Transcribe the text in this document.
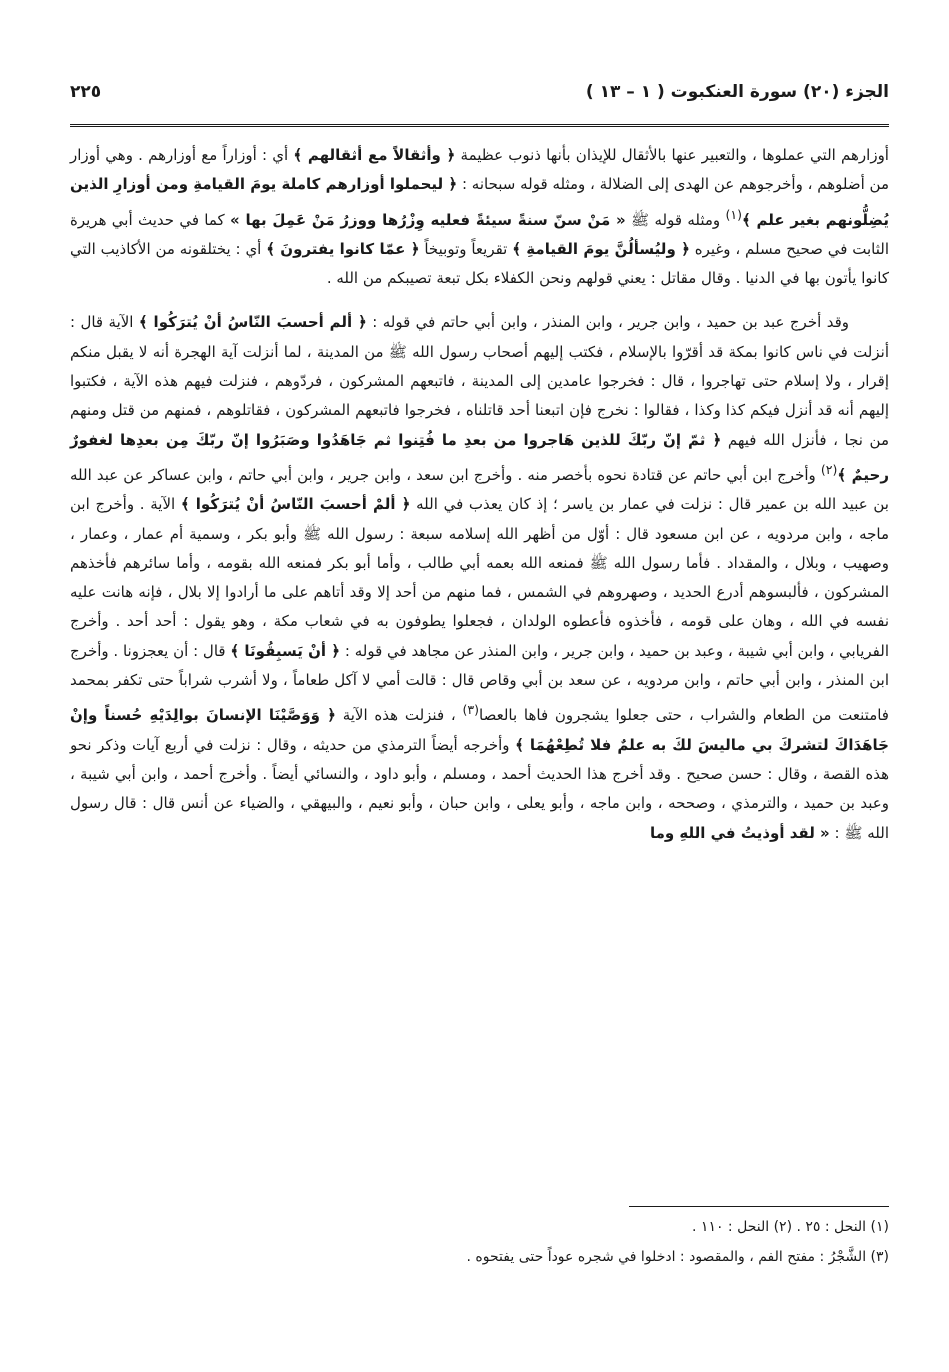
الجزء (٢٠) سورة العنكبوت ( ١ – ١٣ )
٢٢٥

أوزارهم التي عملوها ، والتعبير عنها بالأثقال للإيذان بأنها ذنوب عظيمة ﴿ وأثقالاً مع أثقالهم ﴾ أي : أوزاراً مع أوزارهم . وهي أوزار من أضلوهم ، وأخرجوهم عن الهدى إلى الضلالة ، ومثله قوله سبحانه : ﴿ ليحملوا أوزارهم كاملة يومَ القيامةِ ومن أوزارِ الذين يُضِلُّونهم بغير علم ﴾$^{(١)}$ ومثله قوله ﷺ « مَنْ سنّ سنةً سيئةً فعليه وِزْرُها ووزرُ مَنْ عَمِلَ بها » كما في حديث أبي هريرة الثابت في صحيح مسلم ، وغيره ﴿ وليُسألُنَّ يومَ القيامةِ ﴾ تقريعاً وتوبيخاً ﴿ عمّا كانوا يفترونَ ﴾ أي : يختلقونه من الأكاذيب التي كانوا يأتون بها في الدنيا . وقال مقاتل : يعني قولهم ونحن الكفلاء بكل تبعة تصيبكم من الله .

وقد أخرج عبد بن حميد ، وابن جرير ، وابن المنذر ، وابن أبي حاتم في قوله : ﴿ ألم أحسبَ النّاسُ أنْ يُترَكُوا ﴾ الآية قال : أنزلت في ناس كانوا بمكة قد أقرّوا بالإسلام ، فكتب إليهم أصحاب رسول الله ﷺ من المدينة ، لما أنزلت آية الهجرة أنه لا يقبل منكم إقرار ، ولا إسلام حتى تهاجروا ، قال : فخرجوا عامدين إلى المدينة ، فاتبعهم المشركون ، فردّوهم ، فنزلت فيهم هذه الآية ، فكتبوا إليهم أنه قد أنزل فيكم كذا وكذا ، فقالوا : نخرج فإن اتبعنا أحد قاتلناه ، فخرجوا فاتبعهم المشركون ، فقاتلوهم ، فمنهم من قتل ومنهم من نجا ، فأنزل الله فيهم ﴿ ثمّ إنّ ربّكَ للذين هَاجروا من بعدِ ما فُتِنوا ثم جَاهَدُوا وصَبَرُوا إنّ ربّكَ مِن بعدِها لغفورٌ رحيمٌ ﴾$^{(٢)}$ وأخرج ابن أبي حاتم عن قتادة نحوه بأخصر منه . وأخرج ابن سعد ، وابن جرير ، وابن أبي حاتم ، وابن عساكر عن عبد الله بن عبيد الله بن عمير قال : نزلت في عمار بن ياسر ؛ إذ كان يعذب في الله ﴿ ألمْ أحسبَ النّاسُ أنْ يُترَكُوا ﴾ الآية . وأخرج ابن ماجه ، وابن مردويه ، عن ابن مسعود قال : أوّل من أظهر الله إسلامه سبعة : رسول الله ﷺ وأبو بكر ، وسمية أم عمار ، وعمار ، وصهيب ، وبلال ، والمقداد . فأما رسول الله ﷺ فمنعه الله بعمه أبي طالب ، وأما أبو بكر فمنعه الله بقومه ، وأما سائرهم فأخذهم المشركون ، فألبسوهم أدرع الحديد ، وصهروهم في الشمس ، فما منهم من أحد إلا وقد أتاهم على ما أرادوا إلا بلال ، فإنه هانت عليه نفسه في الله ، وهان على قومه ، فأخذوه فأعطوه الولدان ، فجعلوا يطوفون به في شعاب مكة ، وهو يقول : أحد أحد . وأخرج الفريابي ، وابن أبي شيبة ، وعبد بن حميد ، وابن جرير ، وابن المنذر عن مجاهد في قوله : ﴿ أنْ يَسبِقُونَا ﴾ قال : أن يعجزونا . وأخرج ابن المنذر ، وابن أبي حاتم ، وابن مردويه ، عن سعد بن أبي وقاص قال : قالت أمي لا آكل طعاماً ، ولا أشرب شراباً حتى تكفر بمحمد فامتنعت من الطعام والشراب ، حتى جعلوا يشجرون فاها بالعصا$^{(٣)}$ ، فنزلت هذه الآية ﴿ وَوَصَّيْنَا الإنسانَ بوالِدَيْهِ حُسناً وإنْ جَاهَدَاكَ لتشركَ بي ماليسَ لكَ به علمٌ فلا تُطِعْهُمَا ﴾ وأخرجه أيضاً الترمذي من حديثه ، وقال : نزلت في أربع آيات وذكر نحو هذه القصة ، وقال : حسن صحيح . وقد أخرج هذا الحديث أحمد ، ومسلم ، وأبو داود ، والنسائي أيضاً . وأخرج أحمد ، وابن أبي شيبة ، وعبد بن حميد ، والترمذي ، وصححه ، وابن ماجه ، وأبو يعلى ، وابن حبان ، وأبو نعيم ، والبيهقي ، والضياء عن أنس قال : قال رسول الله ﷺ : « لقد أوذيتُ في اللهِ وما

(١) النحل : ٢٥ . (٢) النحل : ١١٠ .

(٣) الشَّجْرُ : مفتح الفم ، والمقصود : ادخلوا في شجره عوداً حتى يفتحوه .
